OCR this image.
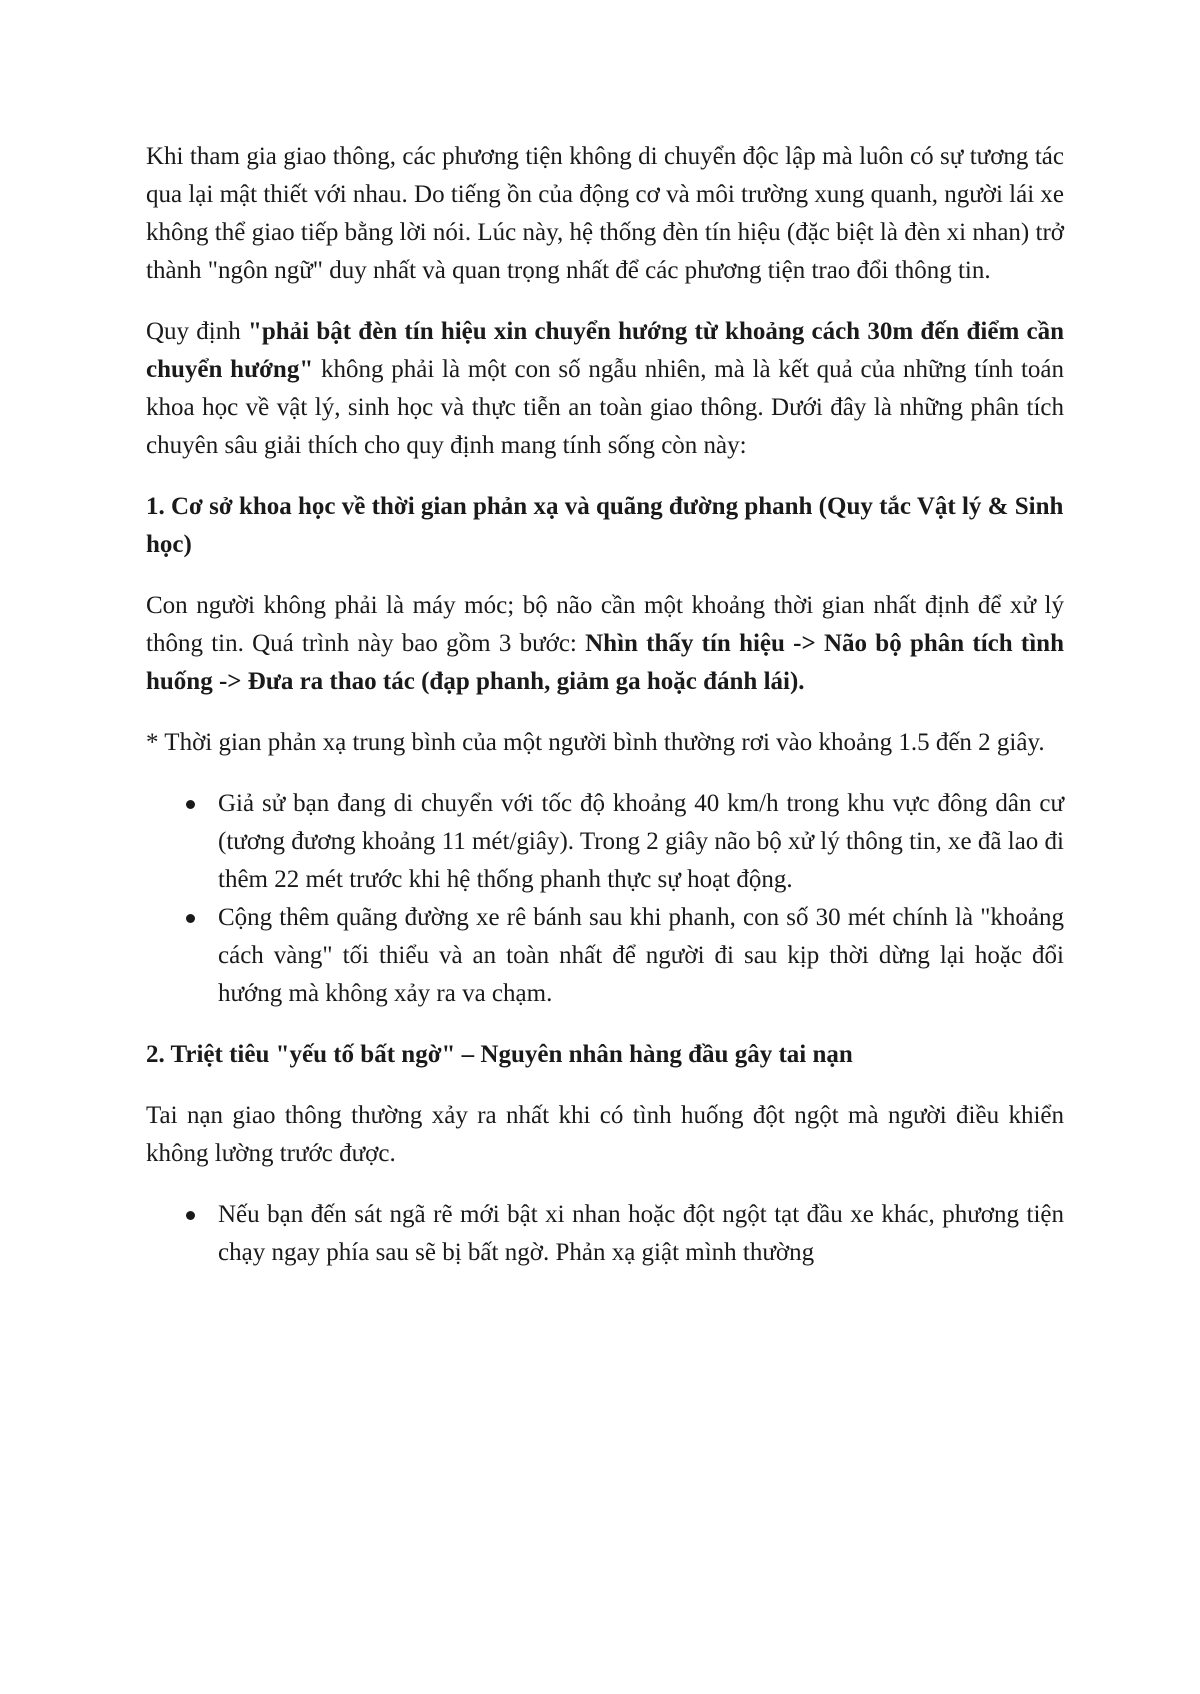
Khi tham gia giao thông, các phương tiện không di chuyển độc lập mà luôn có sự tương tác qua lại mật thiết với nhau. Do tiếng ồn của động cơ và môi trường xung quanh, người lái xe không thể giao tiếp bằng lời nói. Lúc này, hệ thống đèn tín hiệu (đặc biệt là đèn xi nhan) trở thành "ngôn ngữ" duy nhất và quan trọng nhất để các phương tiện trao đổi thông tin.

Quy định "phải bật đèn tín hiệu xin chuyển hướng từ khoảng cách 30m đến điểm cần chuyển hướng" không phải là một con số ngẫu nhiên, mà là kết quả của những tính toán khoa học về vật lý, sinh học và thực tiễn an toàn giao thông. Dưới đây là những phân tích chuyên sâu giải thích cho quy định mang tính sống còn này:

1. Cơ sở khoa học về thời gian phản xạ và quãng đường phanh (Quy tắc Vật lý & Sinh học)

Con người không phải là máy móc; bộ não cần một khoảng thời gian nhất định để xử lý thông tin. Quá trình này bao gồm 3 bước: Nhìn thấy tín hiệu -> Não bộ phân tích tình huống -> Đưa ra thao tác (đạp phanh, giảm ga hoặc đánh lái).

* Thời gian phản xạ trung bình của một người bình thường rơi vào khoảng 1.5 đến 2 giây.

Giả sử bạn đang di chuyển với tốc độ khoảng 40 km/h trong khu vực đông dân cư (tương đương khoảng 11 mét/giây). Trong 2 giây não bộ xử lý thông tin, xe đã lao đi thêm 22 mét trước khi hệ thống phanh thực sự hoạt động.
Cộng thêm quãng đường xe rê bánh sau khi phanh, con số 30 mét chính là "khoảng cách vàng" tối thiểu và an toàn nhất để người đi sau kịp thời dừng lại hoặc đổi hướng mà không xảy ra va chạm.

2. Triệt tiêu "yếu tố bất ngờ" – Nguyên nhân hàng đầu gây tai nạn

Tai nạn giao thông thường xảy ra nhất khi có tình huống đột ngột mà người điều khiển không lường trước được.

Nếu bạn đến sát ngã rẽ mới bật xi nhan hoặc đột ngột tạt đầu xe khác, phương tiện chạy ngay phía sau sẽ bị bất ngờ. Phản xạ giật mình thường
